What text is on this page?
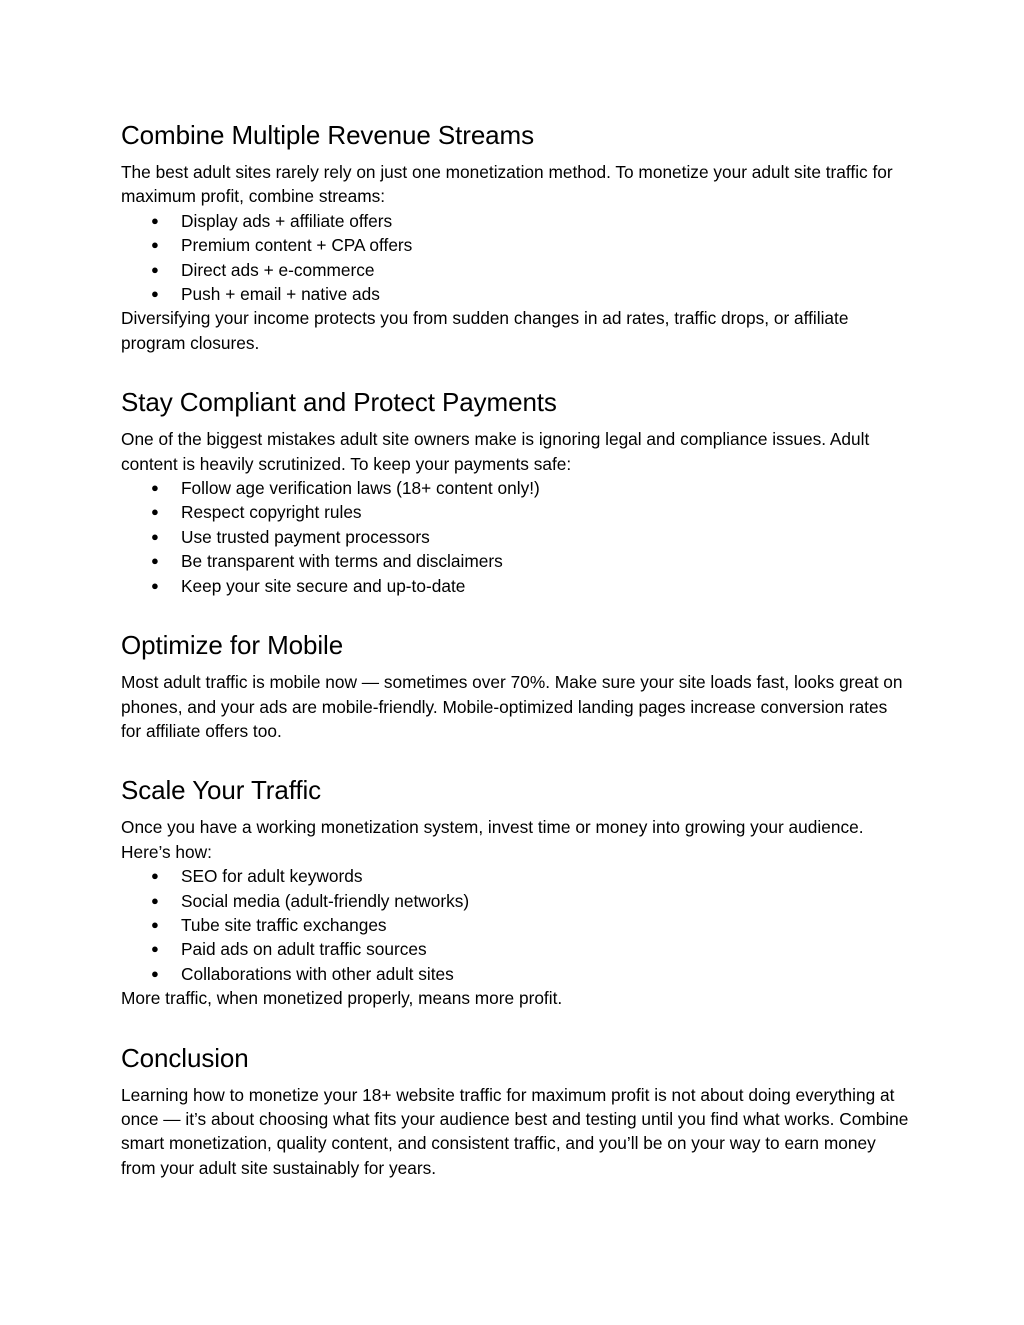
Combine Multiple Revenue Streams

The best adult sites rarely rely on just one monetization method. To monetize your adult site traffic for maximum profit, combine streams:

● Display ads + affiliate offers
● Premium content + CPA offers
● Direct ads + e-commerce
● Push + email + native ads

Diversifying your income protects you from sudden changes in ad rates, traffic drops, or affiliate program closures.

Stay Compliant and Protect Payments

One of the biggest mistakes adult site owners make is ignoring legal and compliance issues. Adult content is heavily scrutinized. To keep your payments safe:

● Follow age verification laws (18+ content only!)
● Respect copyright rules
● Use trusted payment processors
● Be transparent with terms and disclaimers
● Keep your site secure and up-to-date
Optimize for Mobile

Most adult traffic is mobile now — sometimes over 70%. Make sure your site loads fast, looks great on phones, and your ads are mobile-friendly. Mobile-optimized landing pages increase conversion rates for affiliate offers too.

Scale Your Traffic

Once you have a working monetization system, invest time or money into growing your audience. Here’s how:

● SEO for adult keywords
● Social media (adult-friendly networks)
● Tube site traffic exchanges
● Paid ads on adult traffic sources
● Collaborations with other adult sites

More traffic, when monetized properly, means more profit.

Conclusion

Learning how to monetize your 18+ website traffic for maximum profit is not about doing everything at once — it’s about choosing what fits your audience best and testing until you find what works. Combine smart monetization, quality content, and consistent traffic, and you’ll be on your way to earn money from your adult site sustainably for years.
